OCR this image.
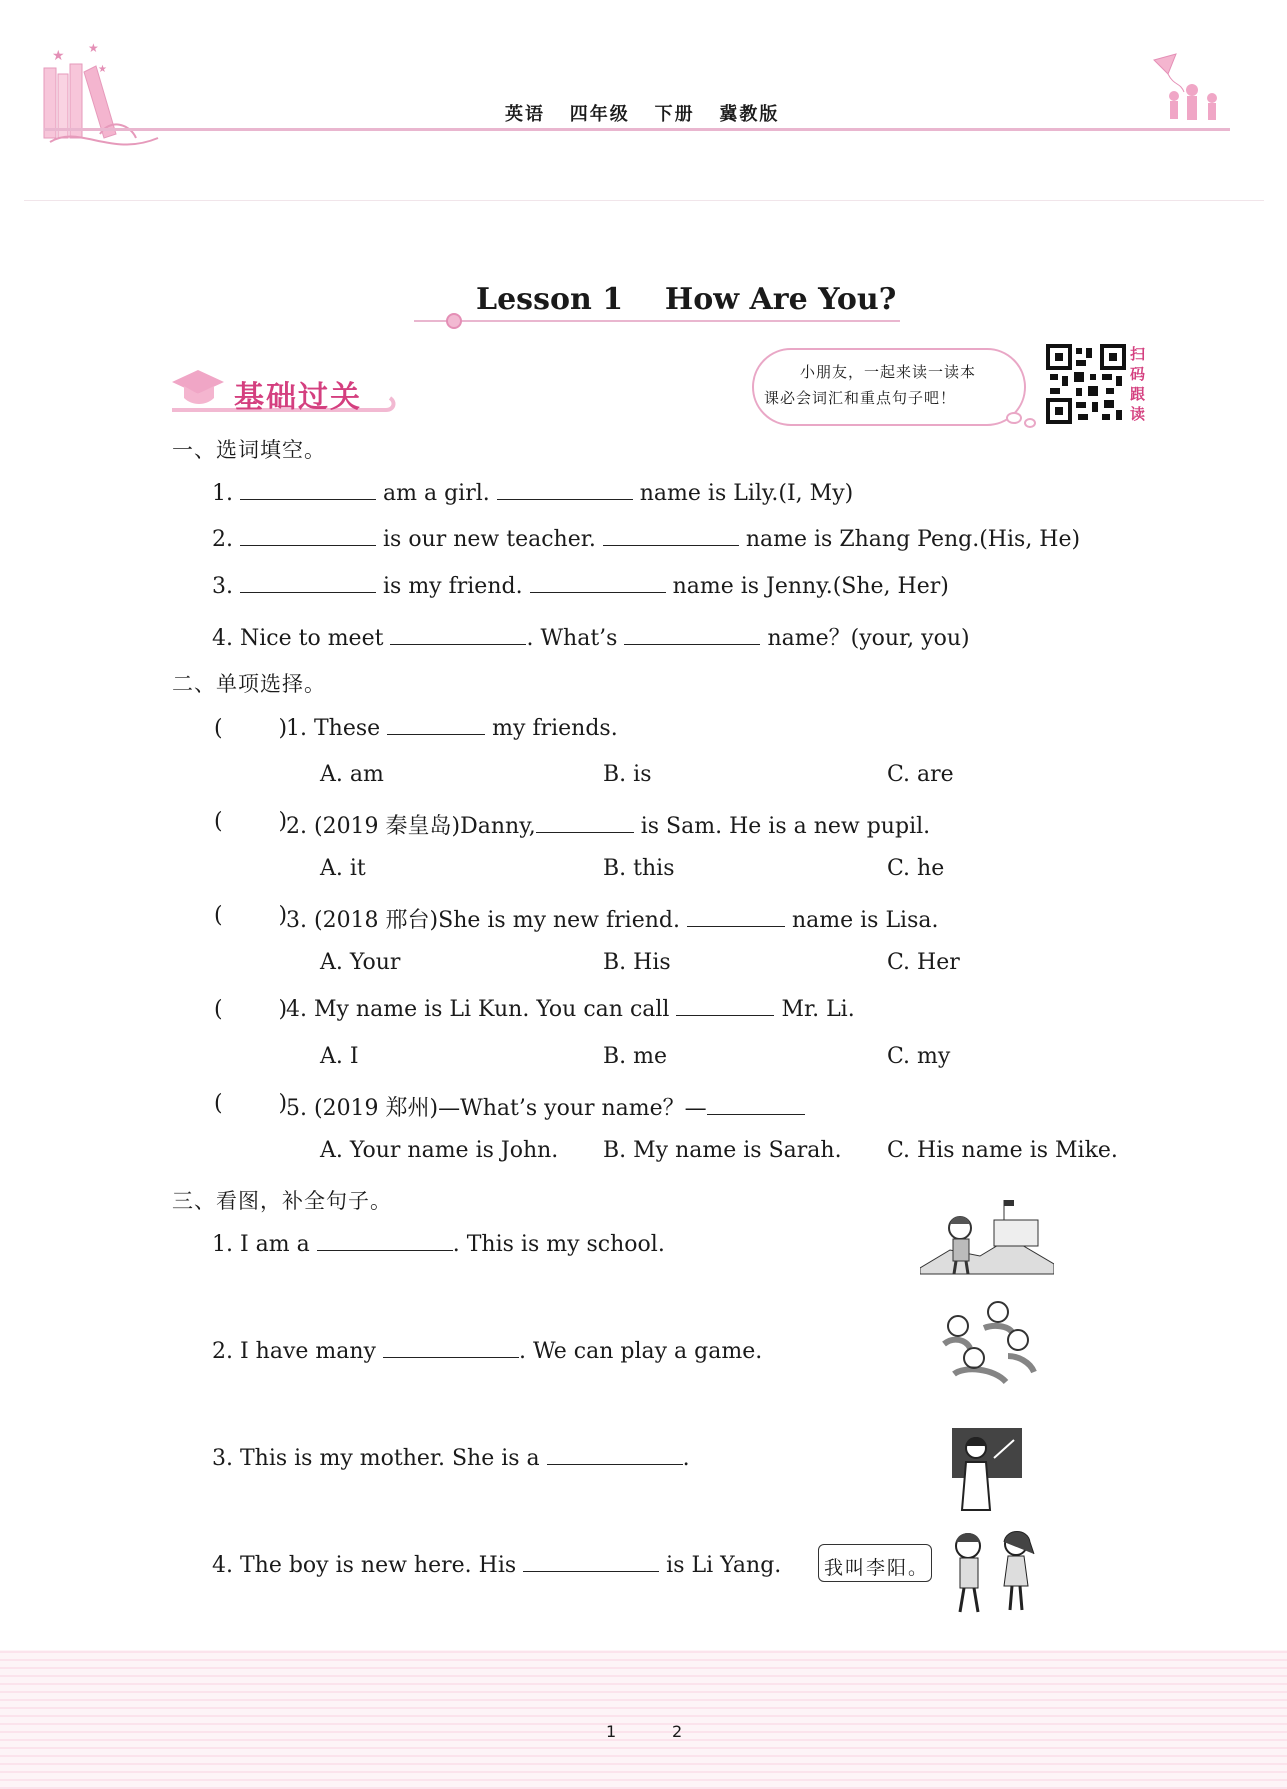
★ ★
★
英语   四年级   下册   冀教版
Lesson 1    How Are You?
基础过关
小朋友，一起来读一读本
课必会词汇和重点句子吧！
扫码跟读
一、选词填空。
1.	am a girl.	name is Lily.(I, My)
2.	is our new teacher.	name is Zhang Peng.(His, He)
3.	is my friend.	name is Jenny.(She, Her)
4. Nice to meet	. What’s	name？(your, you)
二、单项选择。
(        )
1. These	my friends.
A. am	B. is	C. are
(        )
2. (2019 秦皇岛)Danny,	is Sam. He is a new pupil.
A. it	B. this	C. he
(        )
3. (2018 邢台)She is my new friend.	name is Lisa.
A. Your	B. His	C. Her
(        )
4. My name is Li Kun. You can call	Mr. Li.
A. I	B. me	C. my
(        )
5. (2019 郑州)—What’s your name？—
A. Your name is John. B. My name is Sarah. C. His name is Mike.
三、看图，补全句子。
1. I am a	. This is my school.
2. I have many	. We can play a game.
3. This is my mother. She is a	.
4. The boy is new here. His	is Li Yang. 我叫李阳。
1	2
